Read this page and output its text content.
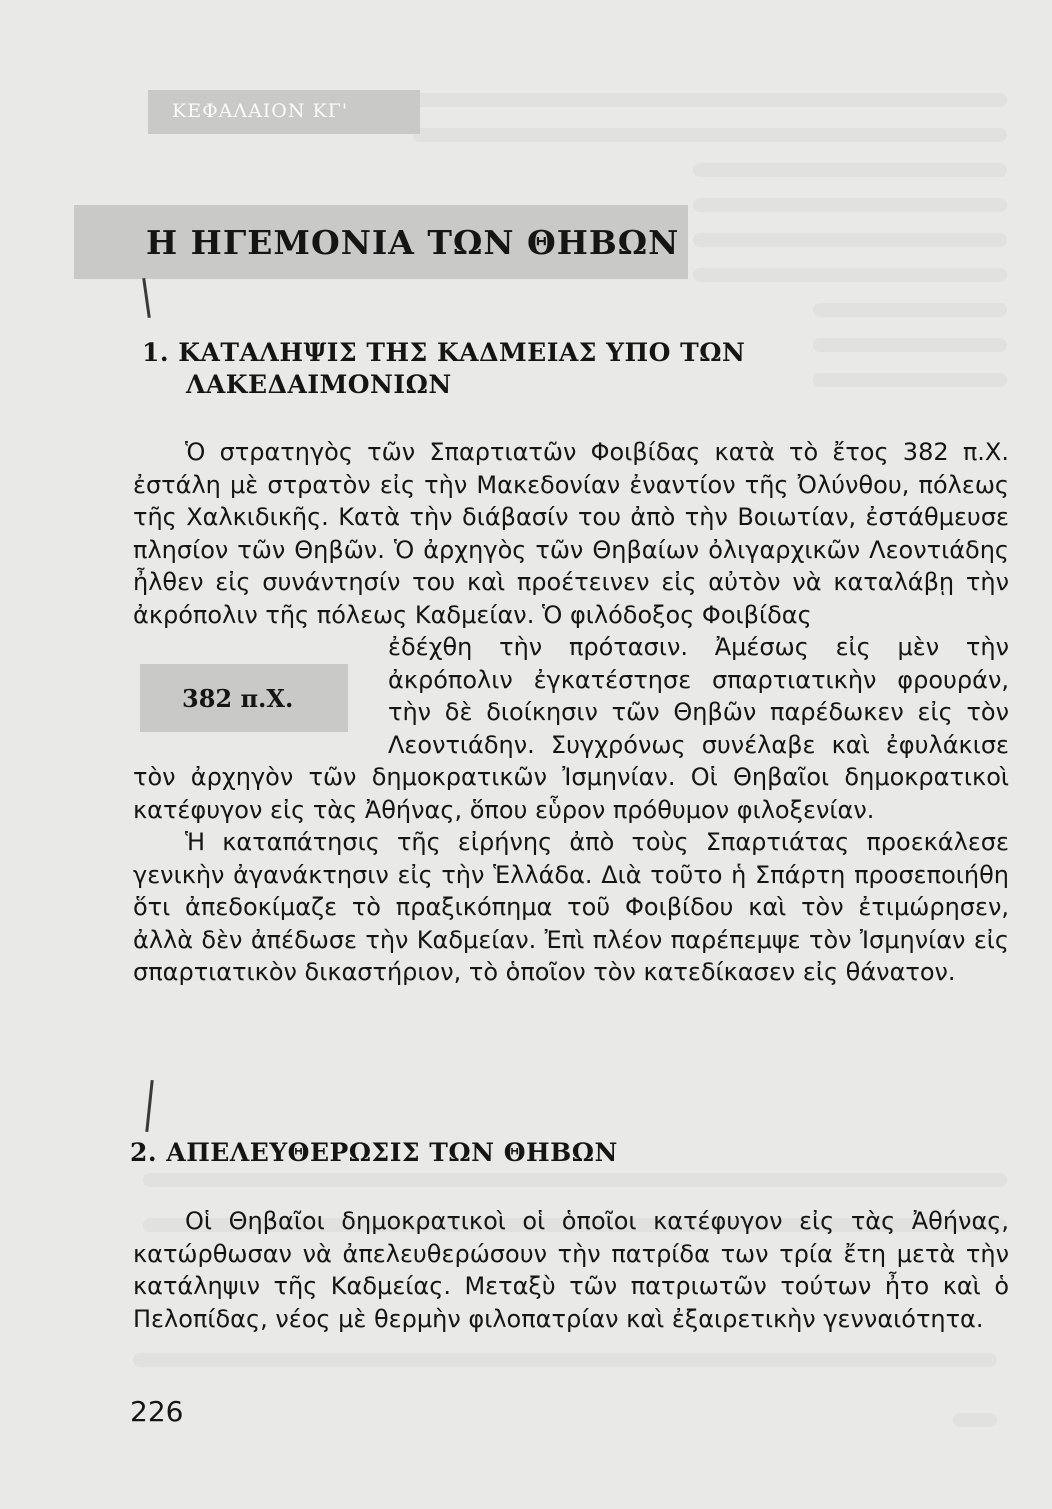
ΚΕΦΑΛΑΙΟΝ ΚΓ'
Η ΗΓΕΜΟΝΙΑ ΤΩΝ ΘΗΒΩΝ
1. ΚΑΤΑΛΗΨΙΣ ΤΗΣ ΚΑΔΜΕΙΑΣ ΥΠΟ ΤΩΝ
ΛΑΚΕΔΑΙΜΟΝΙΩΝ

Ὁ στρατηγὸς τῶν Σπαρτιατῶν Φοιβίδας κατὰ τὸ ἔτος 382 π.Χ. ἐστάλη μὲ στρατὸν εἰς τὴν Μακεδονίαν ἐναντίον τῆς Ὀλύνθου, πόλεως τῆς Χαλκιδικῆς. Κατὰ τὴν διάβασίν του ἀπὸ τὴν Βοιωτίαν, ἐστάθμευσε πλησίον τῶν Θηβῶν. Ὁ ἀρχηγὸς τῶν Θηβαίων ὀλιγαρχικῶν Λεοντιάδης ἦλθεν εἰς συνάντησίν του καὶ προέτεινεν εἰς αὐτὸν νὰ καταλάβῃ τὴν ἀκρόπολιν τῆς πόλεως Καδμείαν. Ὁ φιλόδοξος Φοιβίδας

ἐδέχθη τὴν πρότασιν. Ἀμέσως εἰς μὲν τὴν ἀκρόπολιν ἐγκατέστησε σπαρτιατικὴν φρουράν, τὴν δὲ διοίκησιν τῶν Θηβῶν παρέδωκεν εἰς τὸν Λεοντιάδην. Συγχρόνως συνέλαβε καὶ ἐφυλάκισε τὸν ἀρχηγὸν τῶν δημοκρατικῶν Ἰσμηνίαν. Οἱ Θηβαῖοι δημοκρατικοὶ κατέφυγον εἰς τὰς Ἀθήνας, ὅπου εὗρον πρόθυμον φιλοξενίαν.

Ἡ καταπάτησις τῆς εἰρήνης ἀπὸ τοὺς Σπαρτιάτας προεκάλεσε γενικὴν ἀγανάκτησιν εἰς τὴν Ἑλλάδα. Διὰ τοῦτο ἡ Σπάρτη προσεποιήθη ὅτι ἀπεδοκίμαζε τὸ πραξικόπημα τοῦ Φοιβίδου καὶ τὸν ἐτιμώρησεν, ἀλλὰ δὲν ἀπέδωσε τὴν Καδμείαν. Ἐπὶ πλέον παρέπεμψε τὸν Ἰσμηνίαν εἰς σπαρτιατικὸν δικαστήριον, τὸ ὁποῖον τὸν κατεδίκασεν εἰς θάνατον.

382 π.Χ.
2. ΑΠΕΛΕΥΘΕΡΩΣΙΣ ΤΩΝ ΘΗΒΩΝ

Οἱ Θηβαῖοι δημοκρατικοὶ οἱ ὁποῖοι κατέφυγον εἰς τὰς Ἀθήνας, κατώρθωσαν νὰ ἀπελευθερώσουν τὴν πατρίδα των τρία ἔτη μετὰ τὴν κατάληψιν τῆς Καδμείας. Μεταξὺ τῶν πατριωτῶν τούτων ἦτο καὶ ὁ Πελοπίδας, νέος μὲ θερμὴν φιλοπατρίαν καὶ ἐξαιρετικὴν γενναιότητα.

226
